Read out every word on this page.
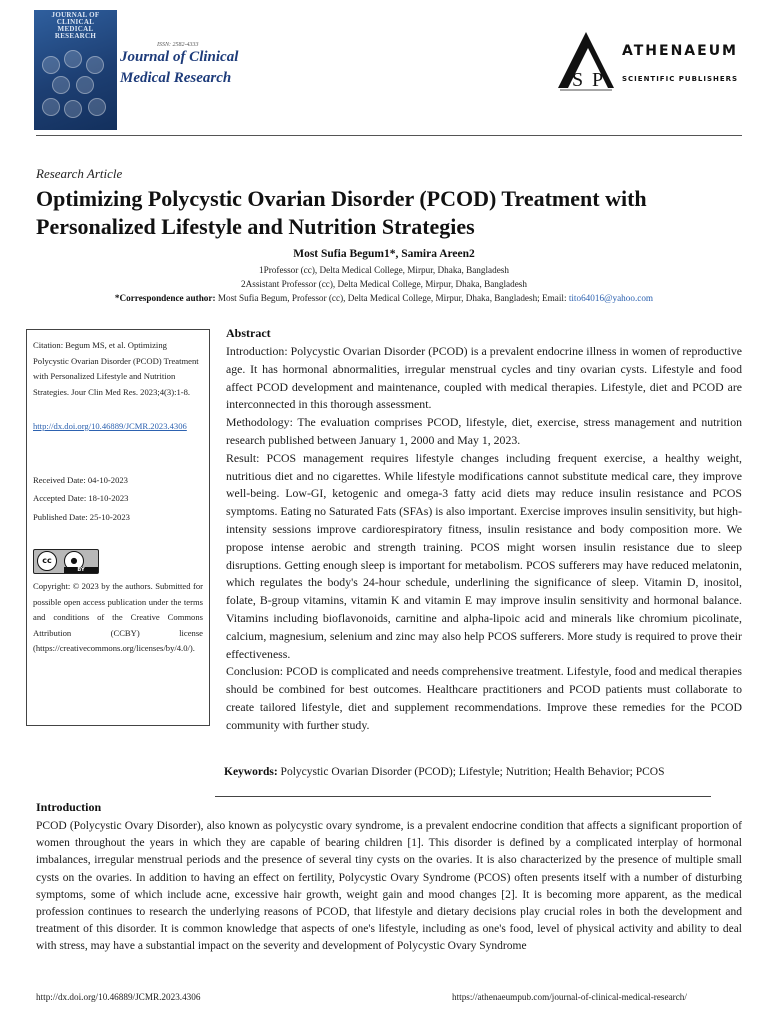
JOURNAL OF
CLINICAL
MEDICAL
RESEARCH
ISSN: 2582-4333
Journal of Clinical Medical Research	S P
ATHENAEUM
SCIENTIFIC PUBLISHERS
Research Article
Optimizing Polycystic Ovarian Disorder (PCOD) Treatment with Personalized Lifestyle and Nutrition Strategies
Most Sufia Begum1*, Samira Areen2
1Professor (cc), Delta Medical College, Mirpur, Dhaka, Bangladesh
2Assistant Professor (cc), Delta Medical College, Mirpur, Dhaka, Bangladesh
*Correspondence author: Most Sufia Begum, Professor (cc), Delta Medical College, Mirpur, Dhaka, Bangladesh; Email: tito64016@yahoo.com
Citation: Begum MS, et al. Optimizing Polycystic Ovarian Disorder (PCOD) Treatment with Personalized Lifestyle and Nutrition Strategies. Jour Clin Med Res. 2023;4(3):1-8.
http://dx.doi.org/10.46889/JCMR.2023.4306
Received Date: 04-10-2023
Accepted Date: 18-10-2023
Published Date: 25-10-2023
cc	●
BY
Copyright: © 2023 by the authors. Submitted for possible open access publication under the terms and conditions of the Creative Commons Attribution (CCBY) license (https://creativecommons.org/licenses/by/4.0/).
Abstract

Introduction: Polycystic Ovarian Disorder (PCOD) is a prevalent endocrine illness in women of reproductive age. It has hormonal abnormalities, irregular menstrual cycles and tiny ovarian cysts. Lifestyle and food affect PCOD development and maintenance, coupled with medical therapies. Lifestyle, diet and PCOD are interconnected in this thorough assessment.

Methodology: The evaluation comprises PCOD, lifestyle, diet, exercise, stress management and nutrition research published between January 1, 2000 and May 1, 2023.

Result: PCOS management requires lifestyle changes including frequent exercise, a healthy weight, nutritious diet and no cigarettes. While lifestyle modifications cannot substitute medical care, they improve well-being. Low-GI, ketogenic and omega-3 fatty acid diets may reduce insulin resistance and PCOS symptoms. Eating no Saturated Fats (SFAs) is also important. Exercise improves insulin sensitivity, but high-intensity sessions improve cardiorespiratory fitness, insulin resistance and body composition more. We propose intense aerobic and strength training. PCOS might worsen insulin resistance due to sleep disruptions. Getting enough sleep is important for metabolism. PCOS sufferers may have reduced melatonin, which regulates the body's 24-hour schedule, underlining the significance of sleep. Vitamin D, inositol, folate, B-group vitamins, vitamin K and vitamin E may improve insulin sensitivity and hormonal balance. Vitamins including bioflavonoids, carnitine and alpha-lipoic acid and minerals like chromium picolinate, calcium, magnesium, selenium and zinc may also help PCOS sufferers. More study is required to prove their effectiveness.

Conclusion: PCOD is complicated and needs comprehensive treatment. Lifestyle, food and medical therapies should be combined for best outcomes. Healthcare practitioners and PCOD patients must collaborate to create tailored lifestyle, diet and supplement recommendations. Improve these remedies for the PCOD community with further study.

Keywords: Polycystic Ovarian Disorder (PCOD); Lifestyle; Nutrition; Health Behavior; PCOS
Introduction
PCOD (Polycystic Ovary Disorder), also known as polycystic ovary syndrome, is a prevalent endocrine condition that affects a significant proportion of women throughout the years in which they are capable of bearing children [1]. This disorder is defined by a complicated interplay of hormonal imbalances, irregular menstrual periods and the presence of several tiny cysts on the ovaries. It is also characterized by the presence of multiple small cysts on the ovaries. In addition to having an effect on fertility, Polycystic Ovary Syndrome (PCOS) often presents itself with a number of disturbing symptoms, some of which include acne, excessive hair growth, weight gain and mood changes [2]. It is becoming more apparent, as the medical profession continues to research the underlying reasons of PCOD, that lifestyle and dietary decisions play crucial roles in both the development and treatment of this disorder. It is common knowledge that aspects of one's lifestyle, including as one's food, level of physical activity and ability to deal with stress, may have a substantial impact on the severity and development of Polycystic Ovary Syndrome
http://dx.doi.org/10.46889/JCMR.2023.4306	https://athenaeumpub.com/journal-of-clinical-medical-research/
